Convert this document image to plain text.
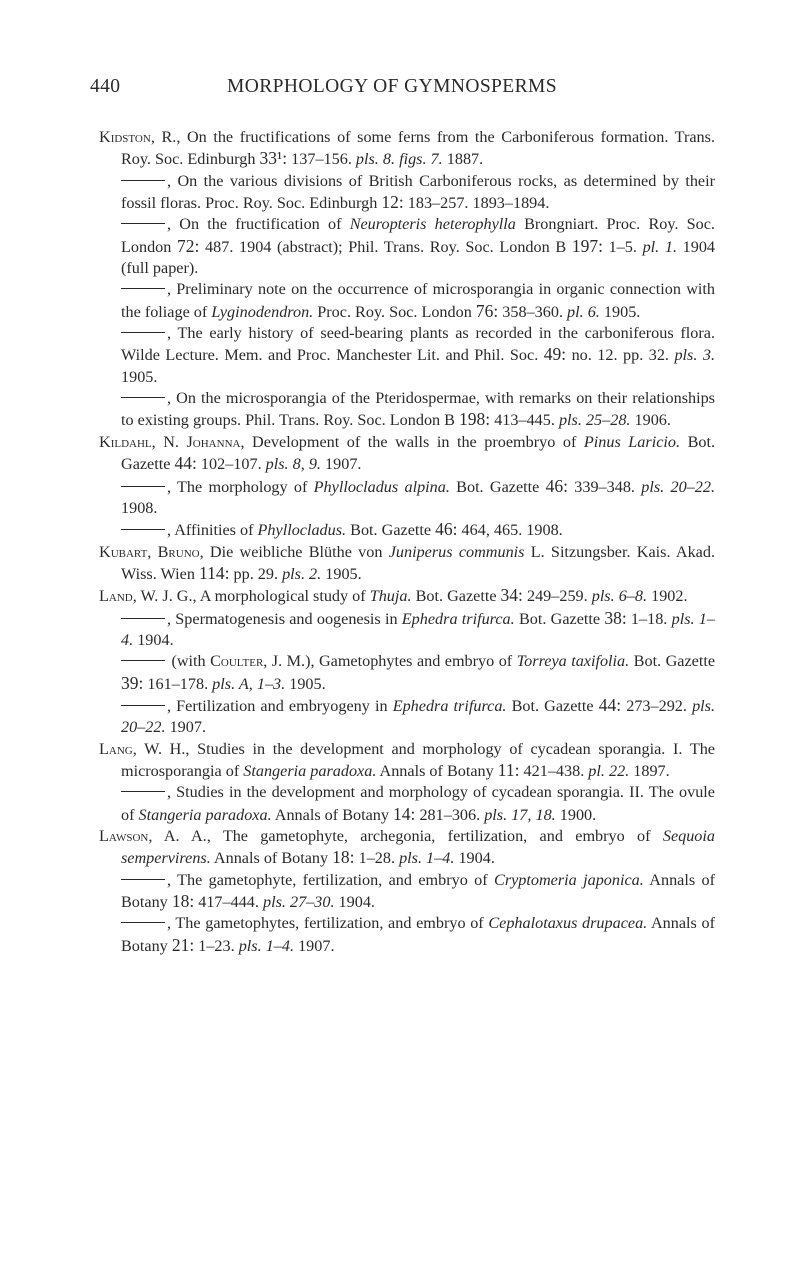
440	MORPHOLOGY OF GYMNOSPERMS

Kidston, R., On the fructifications of some ferns from the Carboniferous formation. Trans. Roy. Soc. Edinburgh 33¹: 137–156. pls. 8. figs. 7. 1887.

, On the various divisions of British Carboniferous rocks, as determined by their fossil floras. Proc. Roy. Soc. Edinburgh 12: 183–257. 1893–1894.

, On the fructification of Neuropteris heterophylla Brongniart. Proc. Roy. Soc. London 72: 487. 1904 (abstract); Phil. Trans. Roy. Soc. London B 197: 1–5. pl. 1. 1904 (full paper).

, Preliminary note on the occurrence of microsporangia in organic connection with the foliage of Lyginodendron. Proc. Roy. Soc. London 76: 358–360. pl. 6. 1905.

, The early history of seed-bearing plants as recorded in the carboniferous flora. Wilde Lecture. Mem. and Proc. Manchester Lit. and Phil. Soc. 49: no. 12. pp. 32. pls. 3. 1905.

, On the microsporangia of the Pteridospermae, with remarks on their relationships to existing groups. Phil. Trans. Roy. Soc. London B 198: 413–445. pls. 25–28. 1906.

Kildahl, N. Johanna, Development of the walls in the proembryo of Pinus Laricio. Bot. Gazette 44: 102–107. pls. 8, 9. 1907.

, The morphology of Phyllocladus alpina. Bot. Gazette 46: 339–348. pls. 20–22. 1908.

, Affinities of Phyllocladus. Bot. Gazette 46: 464, 465. 1908.

Kubart, Bruno, Die weibliche Blüthe von Juniperus communis L. Sitzungsber. Kais. Akad. Wiss. Wien 114: pp. 29. pls. 2. 1905.

Land, W. J. G., A morphological study of Thuja. Bot. Gazette 34: 249–259. pls. 6–8. 1902.

, Spermatogenesis and oogenesis in Ephedra trifurca. Bot. Gazette 38: 1–18. pls. 1–4. 1904.

(with Coulter, J. M.), Gametophytes and embryo of Torreya taxifolia. Bot. Gazette 39: 161–178. pls. A, 1–3. 1905.

, Fertilization and embryogeny in Ephedra trifurca. Bot. Gazette 44: 273–292. pls. 20–22. 1907.

Lang, W. H., Studies in the development and morphology of cycadean sporangia. I. The microsporangia of Stangeria paradoxa. Annals of Botany 11: 421–438. pl. 22. 1897.

, Studies in the development and morphology of cycadean sporangia. II. The ovule of Stangeria paradoxa. Annals of Botany 14: 281–306. pls. 17, 18. 1900.

Lawson, A. A., The gametophyte, archegonia, fertilization, and embryo of Sequoia sempervirens. Annals of Botany 18: 1–28. pls. 1–4. 1904.

, The gametophyte, fertilization, and embryo of Cryptomeria japonica. Annals of Botany 18: 417–444. pls. 27–30. 1904.

, The gametophytes, fertilization, and embryo of Cephalotaxus drupacea. Annals of Botany 21: 1–23. pls. 1–4. 1907.
